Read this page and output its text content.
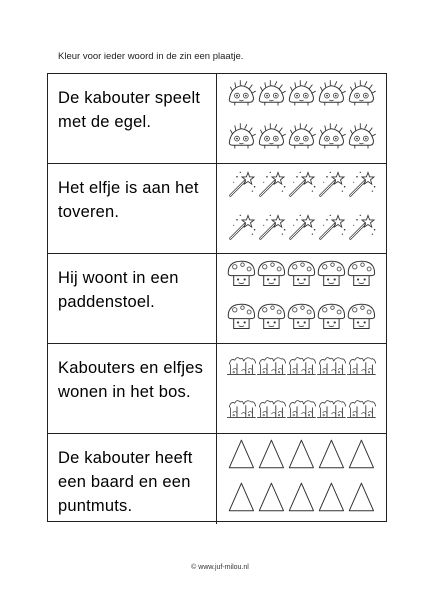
Kleur voor ieder woord in de zin een plaatje.
De kabouter speelt met de egel.
Het elfje is aan het toveren.
Hij woont in een paddenstoel.
Kabouters en elfjes wonen in het bos.
De kabouter heeft een baard en een puntmuts.
© www.juf-milou.nl
